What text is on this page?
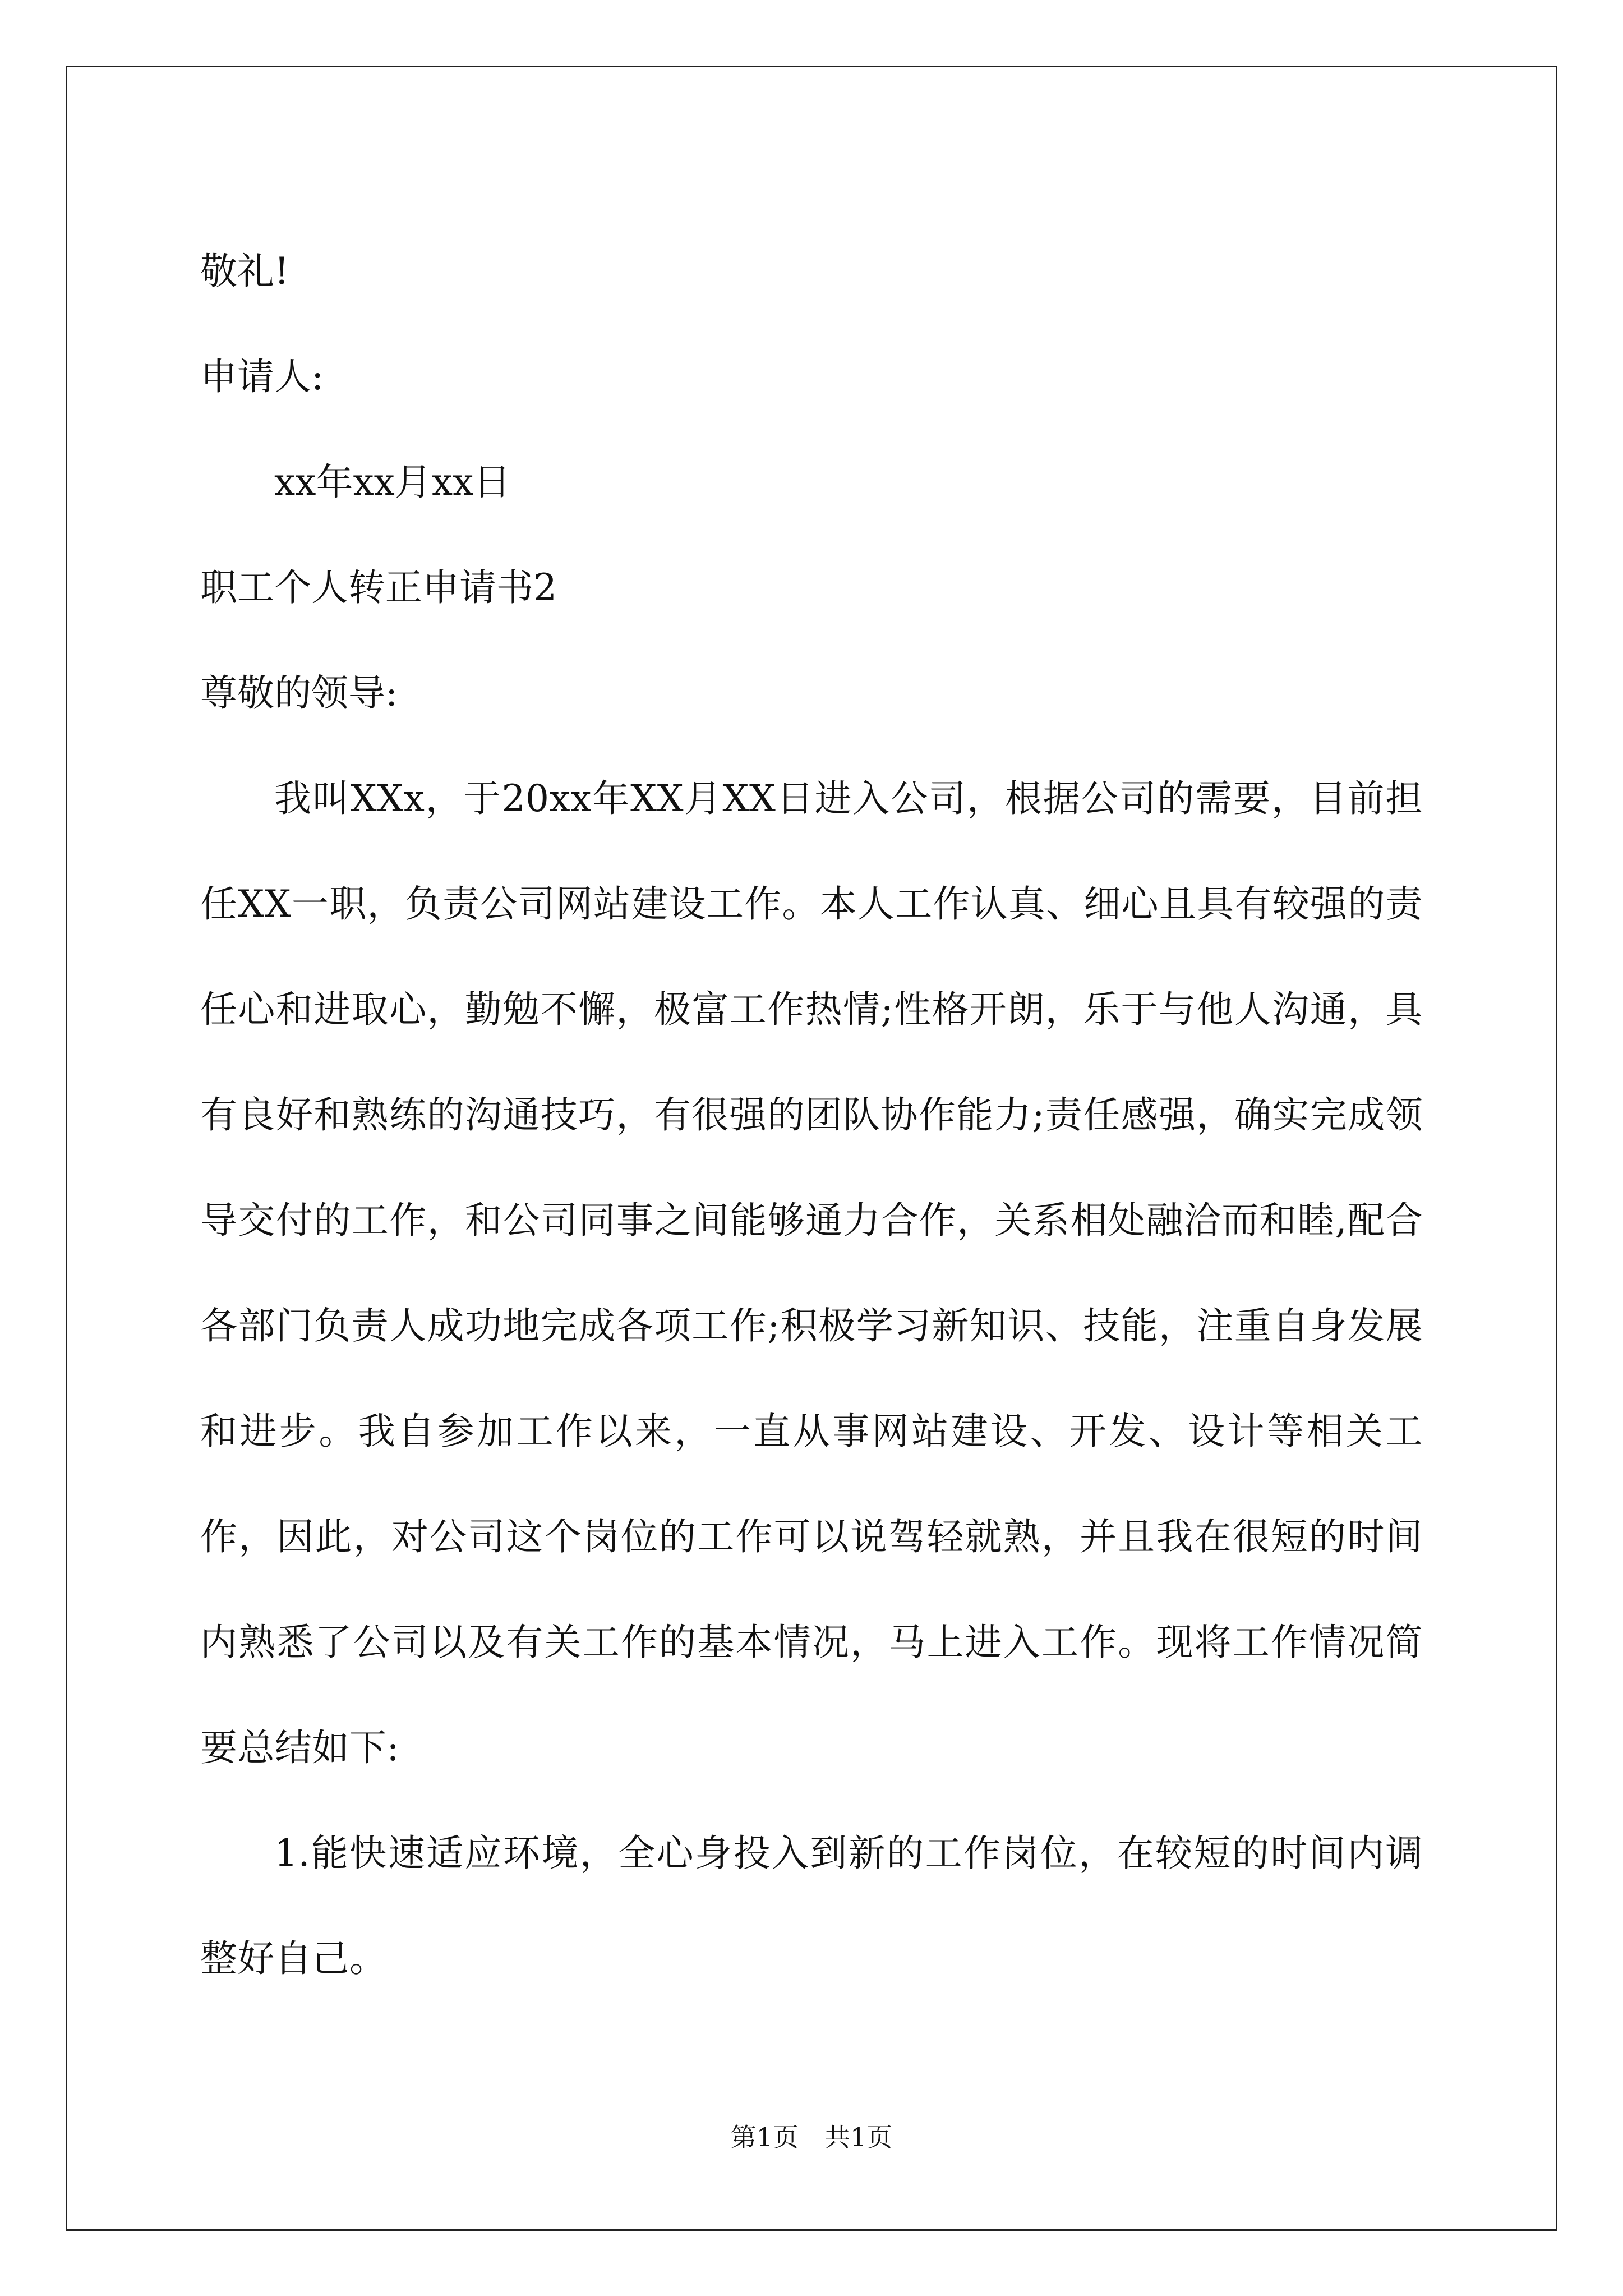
敬礼!
申请人:
xx年xx月xx日
职工个人转正申请书2
尊敬的领导:

我叫XXx，于20xx年XX月XX日进入公司，根据公司的需要，目前担任XX一职，负责公司网站建设工作。本人工作认真、细心且具有较强的责任心和进取心，勤勉不懈，极富工作热情;性格开朗，乐于与他人沟通，具有良好和熟练的沟通技巧，有很强的团队协作能力;责任感强，确实完成领导交付的工作，和公司同事之间能够通力合作，关系相处融洽而和睦,配合各部门负责人成功地完成各项工作;积极学习新知识、技能，注重自身发展和进步。我自参加工作以来，一直从事网站建设、开发、设计等相关工作，因此，对公司这个岗位的工作可以说驾轻就熟，并且我在很短的时间内熟悉了公司以及有关工作的基本情况，马上进入工作。现将工作情况简要总结如下:

1.能快速适应环境，全心身投入到新的工作岗位，在较短的时间内调整好自己。

第1页　共1页
